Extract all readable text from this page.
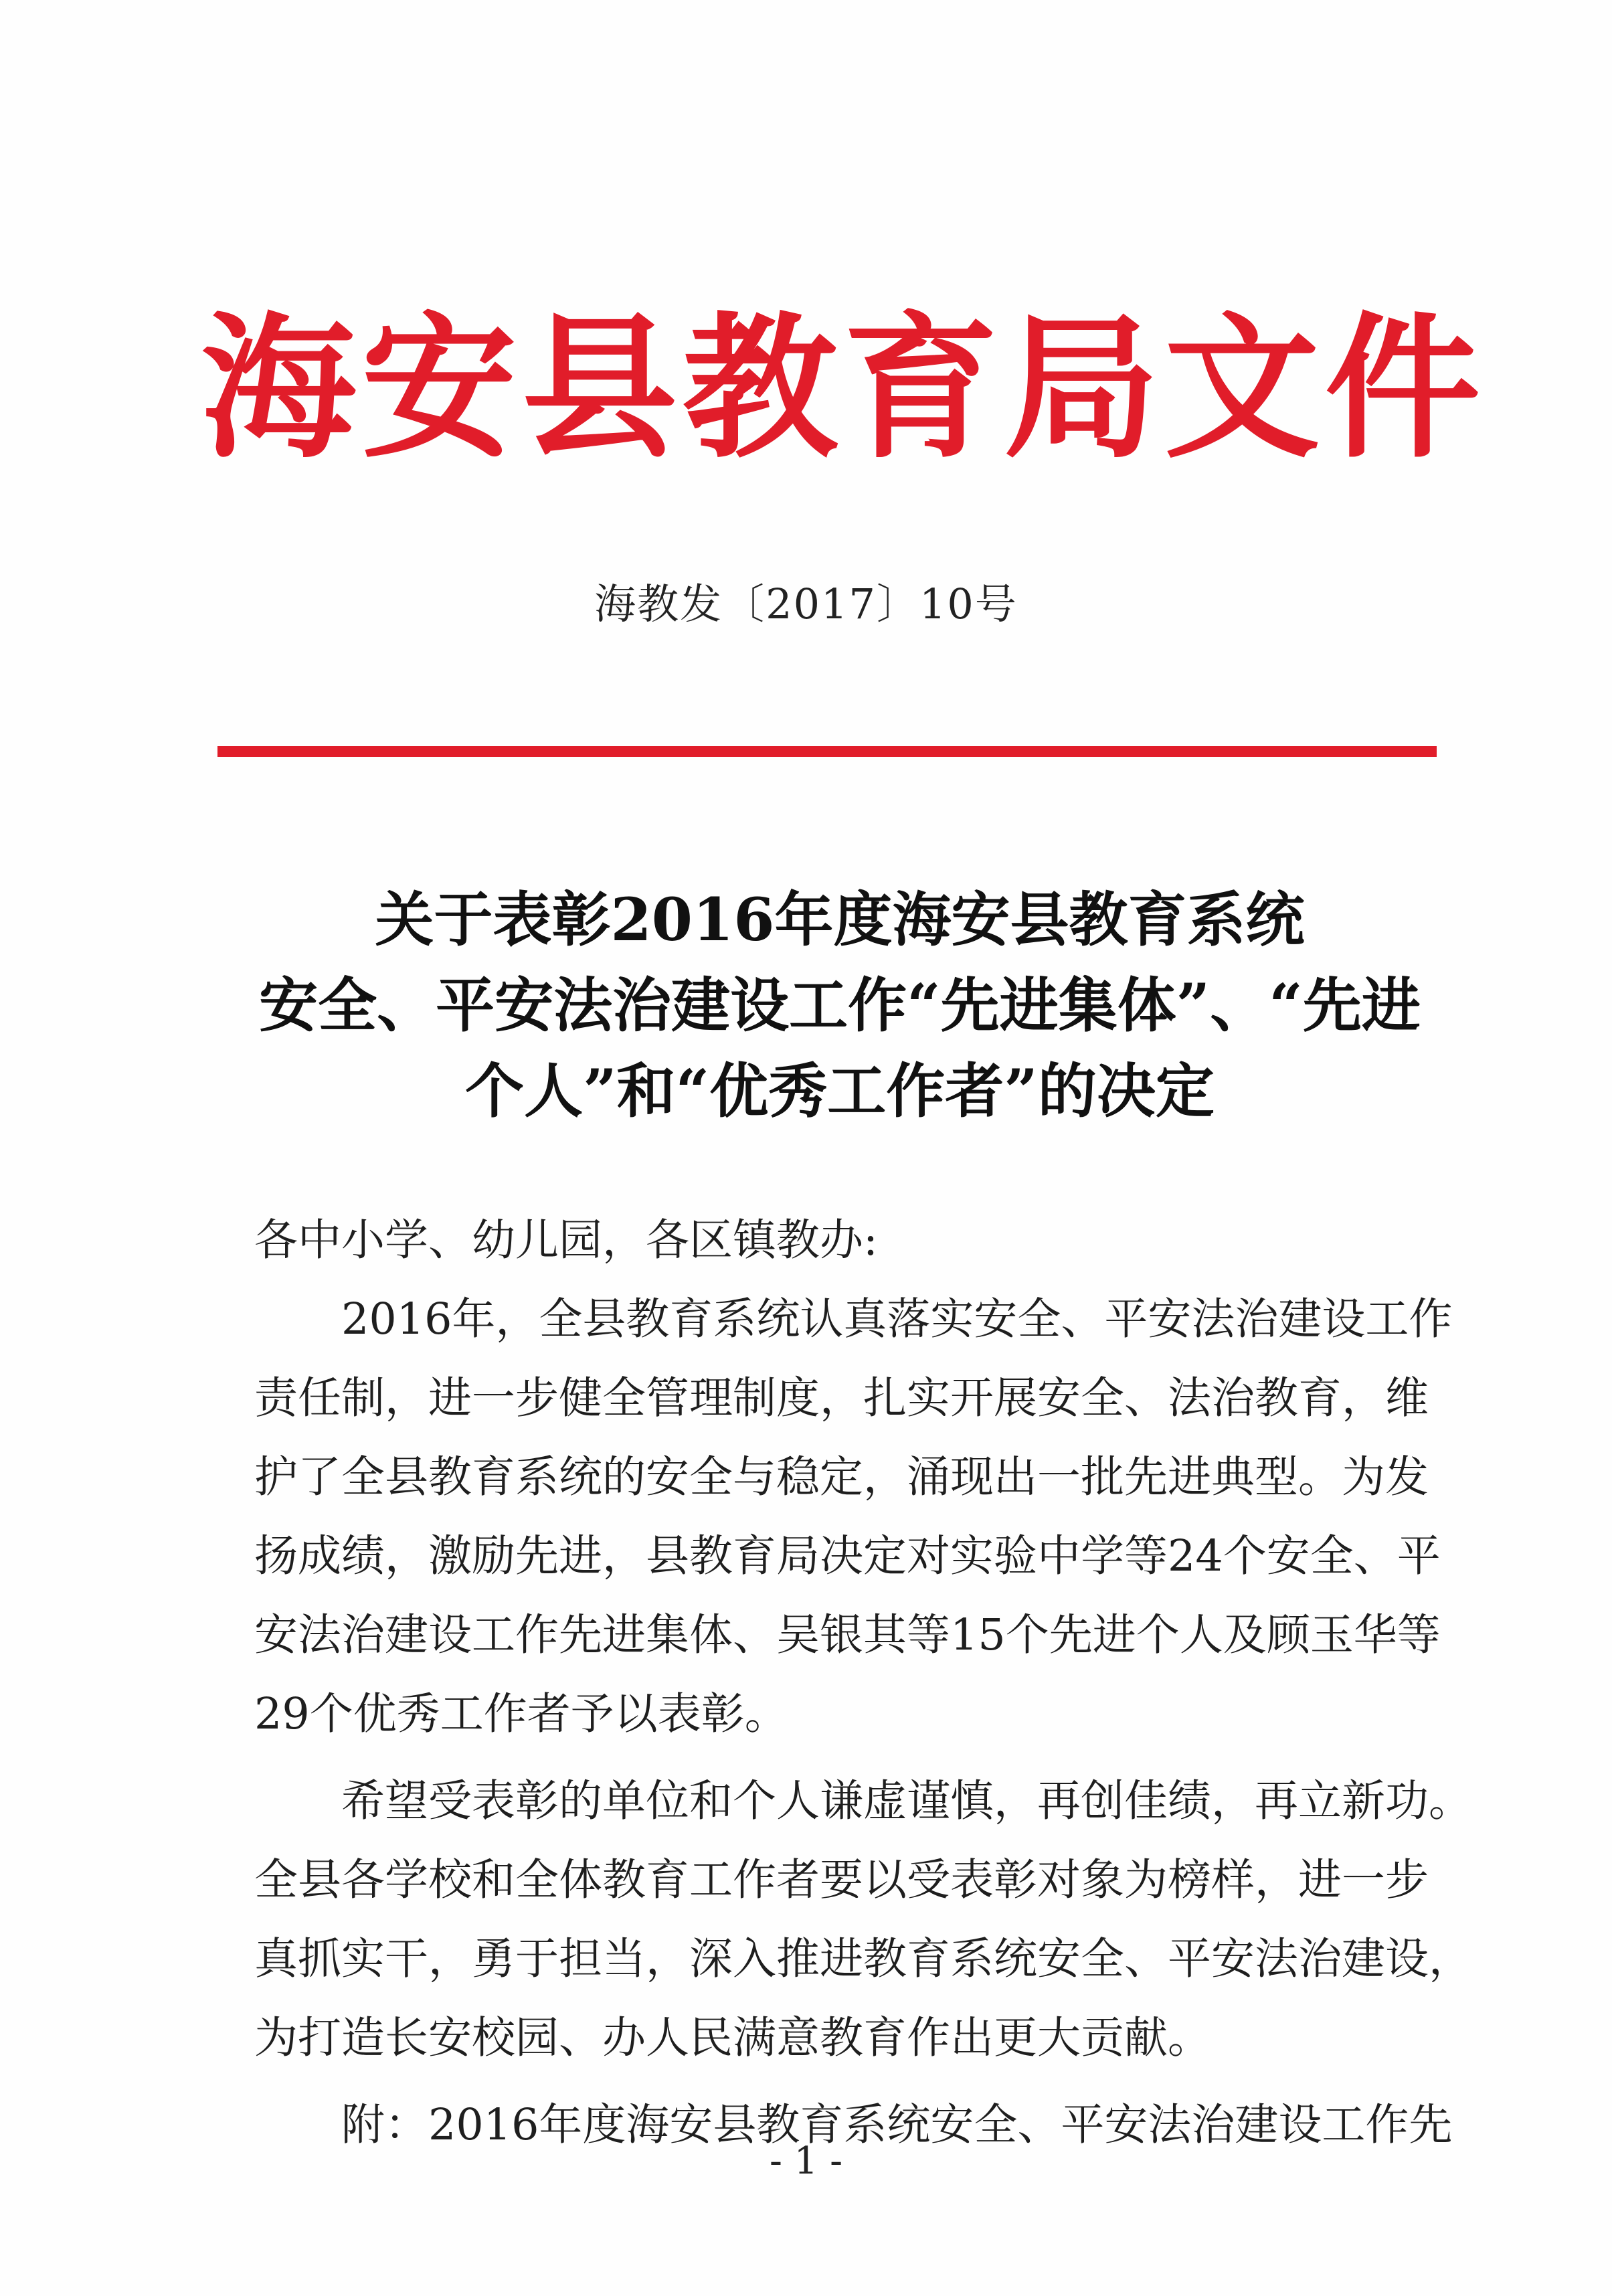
海安县教育局文件
海教发〔2017〕10号
关于表彰2016年度海安县教育系统
安全、平安法治建设工作“先进集体”、“先进
个人”和“优秀工作者”的决定
各中小学、幼儿园，各区镇教办:
2016年，全县教育系统认真落实安全、平安法治建设工作
责任制，进一步健全管理制度，扎实开展安全、法治教育，维
护了全县教育系统的安全与稳定，涌现出一批先进典型。为发
扬成绩，激励先进，县教育局决定对实验中学等24个安全、平
安法治建设工作先进集体、吴银其等15个先进个人及顾玉华等
29个优秀工作者予以表彰。
希望受表彰的单位和个人谦虚谨慎，再创佳绩，再立新功。
全县各学校和全体教育工作者要以受表彰对象为榜样，进一步
真抓实干，勇于担当，深入推进教育系统安全、平安法治建设，
为打造长安校园、办人民满意教育作出更大贡献。
附：2016年度海安县教育系统安全、平安法治建设工作先
- 1 -
